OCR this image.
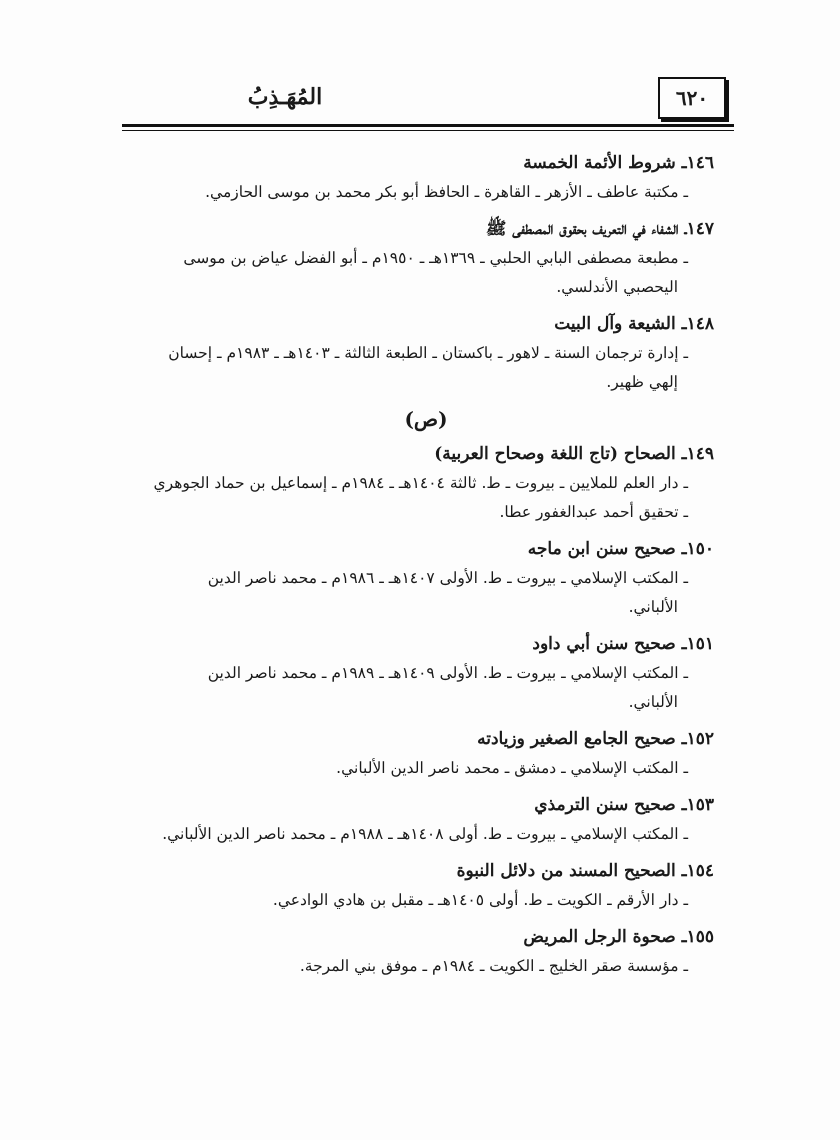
٦٢٠
المُهَـذِبُ
١٤٦ـ شروط الأئمة الخمسة
ـ مكتبة عاطف ـ الأزهر ـ القاهرة ـ الحافظ أبو بكر محمد بن موسى الحازمي.
١٤٧ـ الشفاء في التعريف بحقوق المصطفى ﷺ
ـ مطبعة مصطفى البابي الحلبي ـ ١٣٦٩هـ ـ ١٩٥٠م ـ أبو الفضل عياض بن موسى
اليحصبي الأندلسي.
١٤٨ـ الشيعة وآل البيت
ـ إدارة ترجمان السنة ـ لاهور ـ باكستان ـ الطبعة الثالثة ـ ١٤٠٣هـ ـ ١٩٨٣م ـ إحسان
إلهي ظهير.
(ص)
١٤٩ـ الصحاح (تاج اللغة وصحاح العربية)
ـ دار العلم للملايين ـ بيروت ـ ط. ثالثة ١٤٠٤هـ ـ ١٩٨٤م ـ إسماعيل بن حماد الجوهري
ـ تحقيق أحمد عبدالغفور عطا.
١٥٠ـ صحيح سنن ابن ماجه
ـ المكتب الإسلامي ـ بيروت ـ ط. الأولى ١٤٠٧هـ ـ ١٩٨٦م ـ محمد ناصر الدين
الألباني.
١٥١ـ صحيح سنن أبي داود
ـ المكتب الإسلامي ـ بيروت ـ ط. الأولى ١٤٠٩هـ ـ ١٩٨٩م ـ محمد ناصر الدين
الألباني.
١٥٢ـ صحيح الجامع الصغير وزيادته
ـ المكتب الإسلامي ـ دمشق ـ محمد ناصر الدين الألباني.
١٥٣ـ صحيح سنن الترمذي
ـ المكتب الإسلامي ـ بيروت ـ ط. أولى ١٤٠٨هـ ـ ١٩٨٨م ـ محمد ناصر الدين الألباني.
١٥٤ـ الصحيح المسند من دلائل النبوة
ـ دار الأرقم ـ الكويت ـ ط. أولى ١٤٠٥هـ ـ مقبل بن هادي الوادعي.
١٥٥ـ صحوة الرجل المريض
ـ مؤسسة صقر الخليج ـ الكويت ـ ١٩٨٤م ـ موفق بني المرجة.
